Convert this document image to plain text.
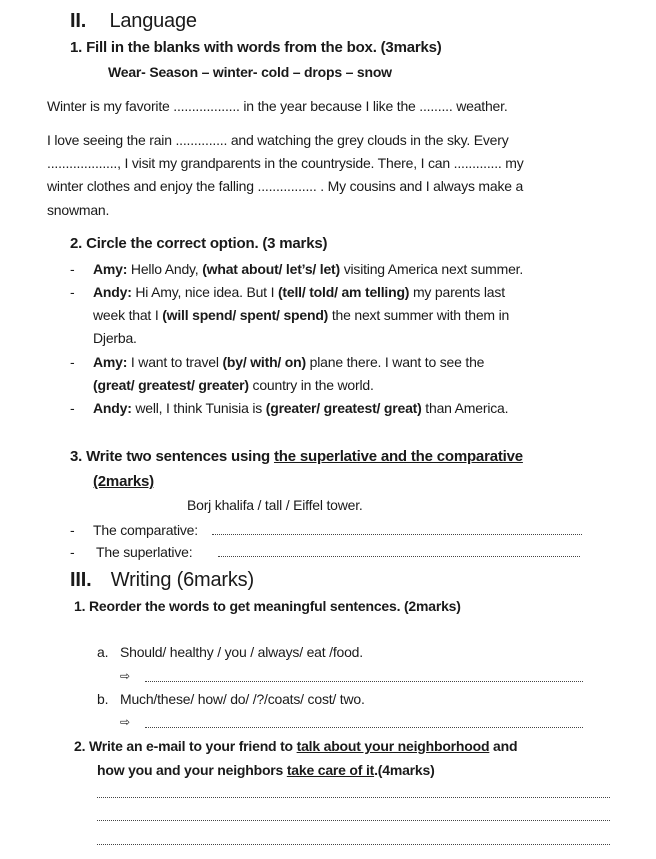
II. Language
1. Fill in the blanks with words from the box. (3marks)
Wear- Season – winter- cold – drops – snow
Winter is my favorite .................. in the year because I like the ......... weather.
I love seeing the rain .............. and watching the grey clouds in the sky. Every
..................., I visit my grandparents in the countryside. There, I can ............. my
winter clothes and enjoy the falling ................ . My cousins and I always make a
snowman.
2. Circle the correct option. (3 marks)
- Amy: Hello Andy, (what about/ let’s/ let) visiting America next summer.
- Andy: Hi Amy, nice idea. But I (tell/ told/ am telling) my parents last
week that I (will spend/ spent/ spend) the next summer with them in
Djerba.
- Amy: I want to travel (by/ with/ on) plane there. I want to see the
(great/ greatest/ greater) country in the world.
- Andy: well, I think Tunisia is (greater/ greatest/ great) than America.
3. Write two sentences using the superlative and the comparative
(2marks)
Borj khalifa / tall / Eiffel tower.
- The comparative:
- The superlative:
III. Writing (6marks)
1. Reorder the words to get meaningful sentences. (2marks)
a. Should/ healthy / you / always/ eat /food.
⇨
b. Much/these/ how/ do/ /?/coats/ cost/ two.
⇨
2. Write an e-mail to your friend to talk about your neighborhood and
how you and your neighbors take care of it.(4marks)
